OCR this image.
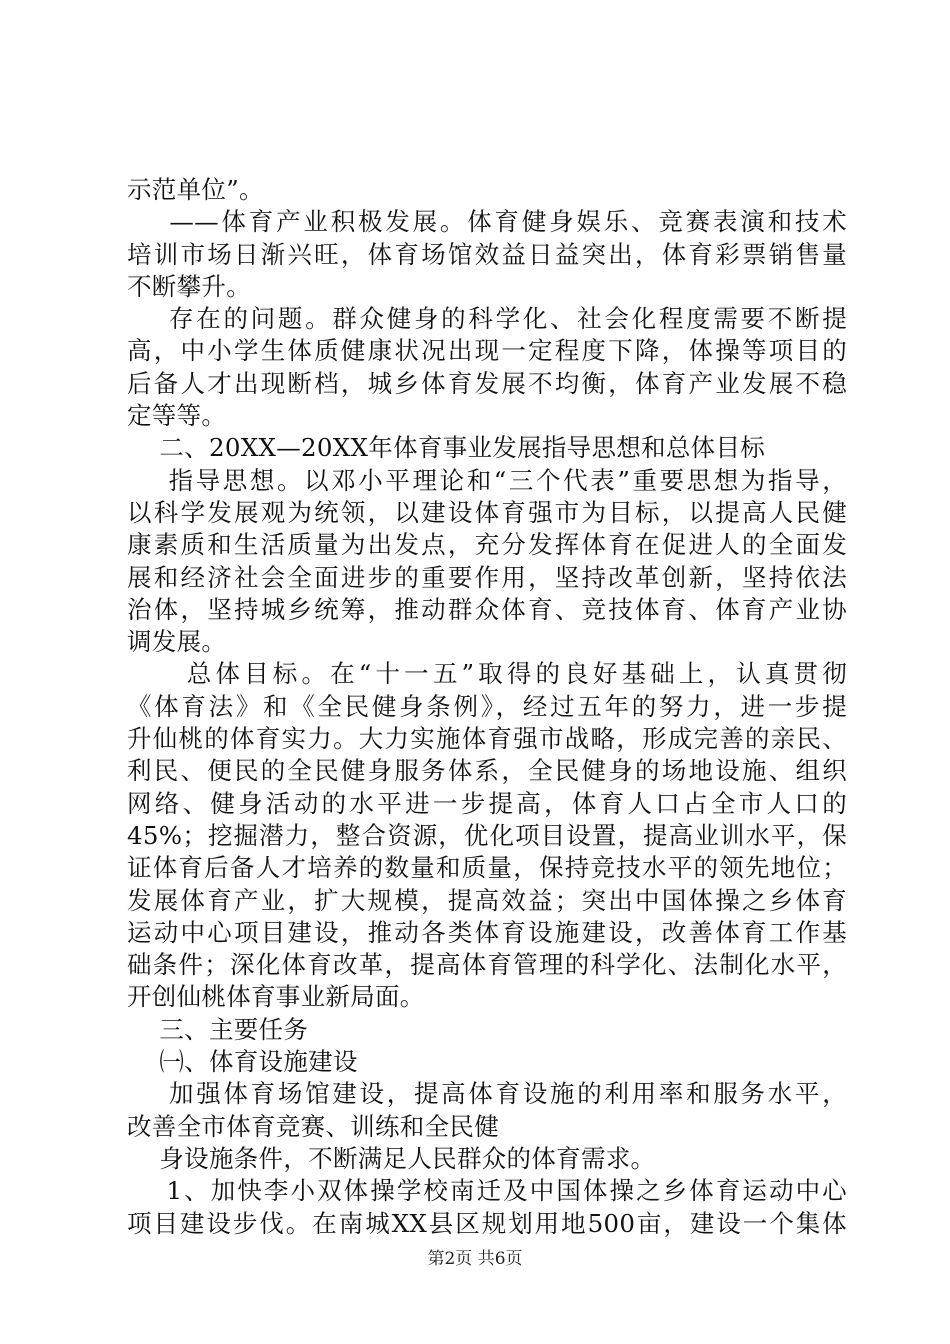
示范单位”。
——体育产业积极发展。体育健身娱乐、竞赛表演和技术
培训市场日渐兴旺，体育场馆效益日益突出，体育彩票销售量
不断攀升。
存在的问题。群众健身的科学化、社会化程度需要不断提
高，中小学生体质健康状况出现一定程度下降，体操等项目的
后备人才出现断档，城乡体育发展不均衡，体育产业发展不稳
定等等。
二、20XX—20XX年体育事业发展指导思想和总体目标
指导思想。以邓小平理论和“三个代表”重要思想为指导，
以科学发展观为统领，以建设体育强市为目标，以提高人民健
康素质和生活质量为出发点，充分发挥体育在促进人的全面发
展和经济社会全面进步的重要作用，坚持改革创新，坚持依法
治体，坚持城乡统筹，推动群众体育、竞技体育、体育产业协
调发展。
总体目标。在“十一五”取得的良好基础上，认真贯彻
《体育法》和《全民健身条例》，经过五年的努力，进一步提
升仙桃的体育实力。大力实施体育强市战略，形成完善的亲民、
利民、便民的全民健身服务体系，全民健身的场地设施、组织
网络、健身活动的水平进一步提高，体育人口占全市人口的
45%；挖掘潜力，整合资源，优化项目设置，提高业训水平，保
证体育后备人才培养的数量和质量，保持竞技水平的领先地位；
发展体育产业，扩大规模，提高效益；突出中国体操之乡体育
运动中心项目建设，推动各类体育设施建设，改善体育工作基
础条件；深化体育改革，提高体育管理的科学化、法制化水平，
开创仙桃体育事业新局面。
三、主要任务
㈠、体育设施建设
加强体育场馆建设，提高体育设施的利用率和服务水平，
改善全市体育竞赛、训练和全民健
身设施条件，不断满足人民群众的体育需求。
1、加快李小双体操学校南迁及中国体操之乡体育运动中心
项目建设步伐。在南城XX县区规划用地500亩，建设一个集体
第2页 共6页
